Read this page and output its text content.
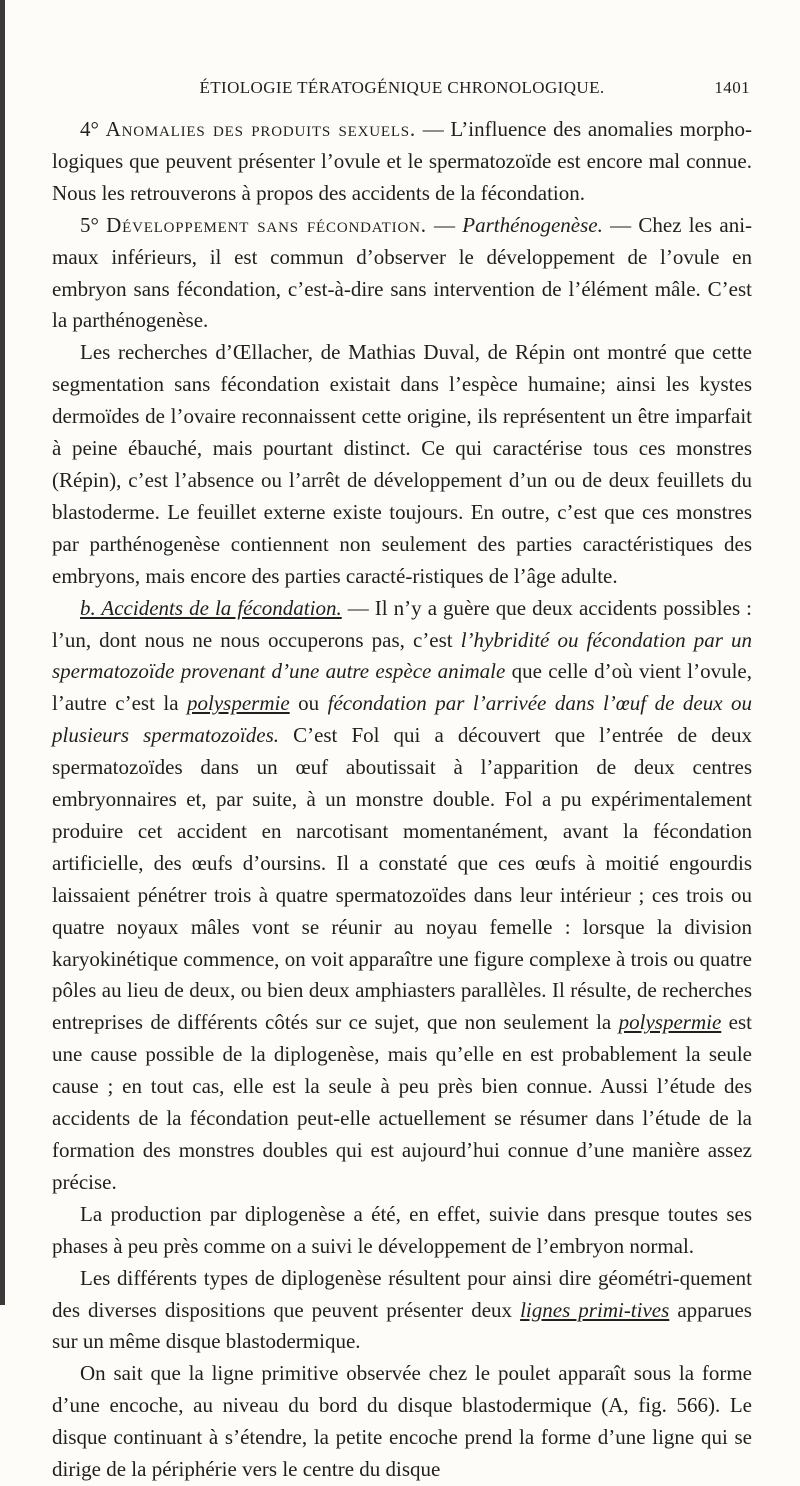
ÉTIOLOGIE TÉRATOGÉNIQUE CHRONOLOGIQUE.	1401

4° Anomalies des produits sexuels. — L’influence des anomalies morpho-logiques que peuvent présenter l’ovule et le spermatozoïde est encore mal connue. Nous les retrouverons à propos des accidents de la fécondation.

5° Développement sans fécondation. — Parthénogenèse. — Chez les ani-maux inférieurs, il est commun d’observer le développement de l’ovule en embryon sans fécondation, c’est-à-dire sans intervention de l’élément mâle. C’est la parthénogenèse.

Les recherches d’Œllacher, de Mathias Duval, de Répin ont montré que cette segmentation sans fécondation existait dans l’espèce humaine; ainsi les kystes dermoïdes de l’ovaire reconnaissent cette origine, ils représentent un être imparfait à peine ébauché, mais pourtant distinct. Ce qui caractérise tous ces monstres (Répin), c’est l’absence ou l’arrêt de développement d’un ou de deux feuillets du blastoderme. Le feuillet externe existe toujours. En outre, c’est que ces monstres par parthénogenèse contiennent non seulement des parties caractéristiques des embryons, mais encore des parties caracté-ristiques de l’âge adulte.

b. Accidents de la fécondation. — Il n’y a guère que deux accidents possibles : l’un, dont nous ne nous occuperons pas, c’est l’hybridité ou fécondation par un spermatozoïde provenant d’une autre espèce animale que celle d’où vient l’ovule, l’autre c’est la polyspermie ou fécondation par l’arrivée dans l’œuf de deux ou plusieurs spermatozoïdes. C’est Fol qui a découvert que l’entrée de deux spermatozoïdes dans un œuf aboutissait à l’apparition de deux centres embryonnaires et, par suite, à un monstre double. Fol a pu expérimentalement produire cet accident en narcotisant momentanément, avant la fécondation artificielle, des œufs d’oursins. Il a constaté que ces œufs à moitié engourdis laissaient pénétrer trois à quatre spermatozoïdes dans leur intérieur ; ces trois ou quatre noyaux mâles vont se réunir au noyau femelle : lorsque la division karyokinétique commence, on voit apparaître une figure complexe à trois ou quatre pôles au lieu de deux, ou bien deux amphiasters parallèles. Il résulte, de recherches entreprises de différents côtés sur ce sujet, que non seulement la polyspermie est une cause possible de la diplogenèse, mais qu’elle en est probablement la seule cause ; en tout cas, elle est la seule à peu près bien connue. Aussi l’étude des accidents de la fécondation peut-elle actuellement se résumer dans l’étude de la formation des monstres doubles qui est aujourd’hui connue d’une manière assez précise.

La production par diplogenèse a été, en effet, suivie dans presque toutes ses phases à peu près comme on a suivi le développement de l’embryon normal.

Les différents types de diplogenèse résultent pour ainsi dire géométri-quement des diverses dispositions que peuvent présenter deux lignes primi-tives apparues sur un même disque blastodermique.

On sait que la ligne primitive observée chez le poulet apparaît sous la forme d’une encoche, au niveau du bord du disque blastodermique (A, fig. 566). Le disque continuant à s’étendre, la petite encoche prend la forme d’une ligne qui se dirige de la périphérie vers le centre du disque
